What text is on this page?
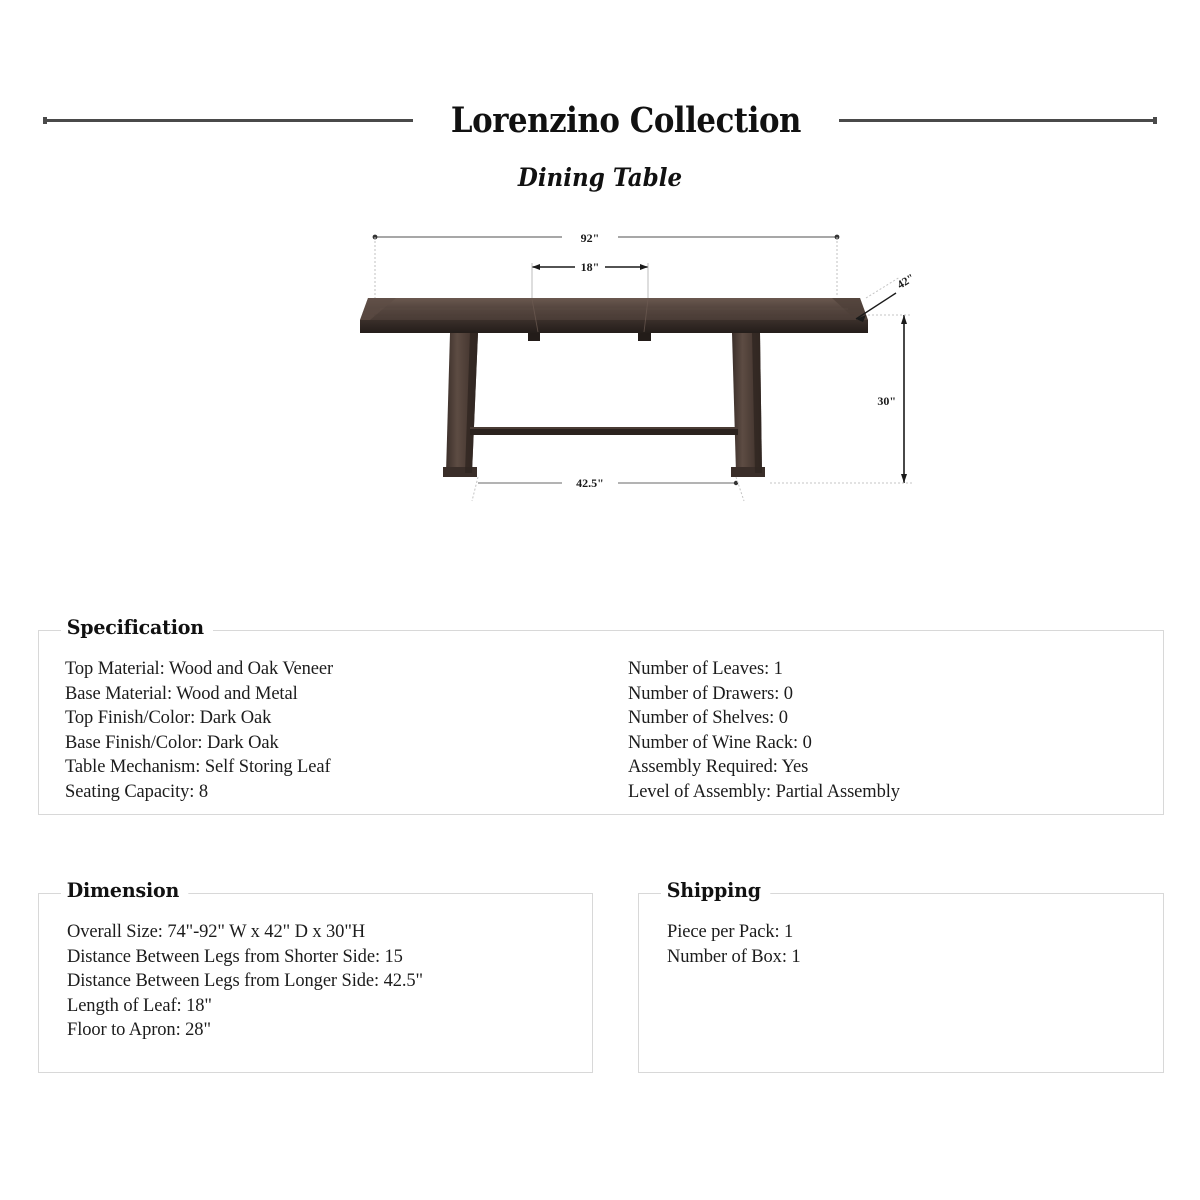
Lorenzino Collection
Dining Table
92"
18"
42"
30"
42.5"
Specification
Top Material: Wood and Oak Veneer
Base Material: Wood and Metal
Top Finish/Color: Dark Oak
Base Finish/Color: Dark Oak
Table Mechanism: Self Storing Leaf
Seating Capacity: 8
Number of Leaves: 1
Number of Drawers: 0
Number of Shelves: 0
Number of Wine Rack: 0
Assembly Required: Yes
Level of Assembly: Partial Assembly
Dimension
Overall Size: 74"-92" W x 42" D x 30"H
Distance Between Legs from Shorter Side: 15
Distance Between Legs from Longer Side: 42.5"
Length of Leaf: 18"
Floor to Apron: 28"
Shipping
Piece per Pack: 1
Number of Box: 1
